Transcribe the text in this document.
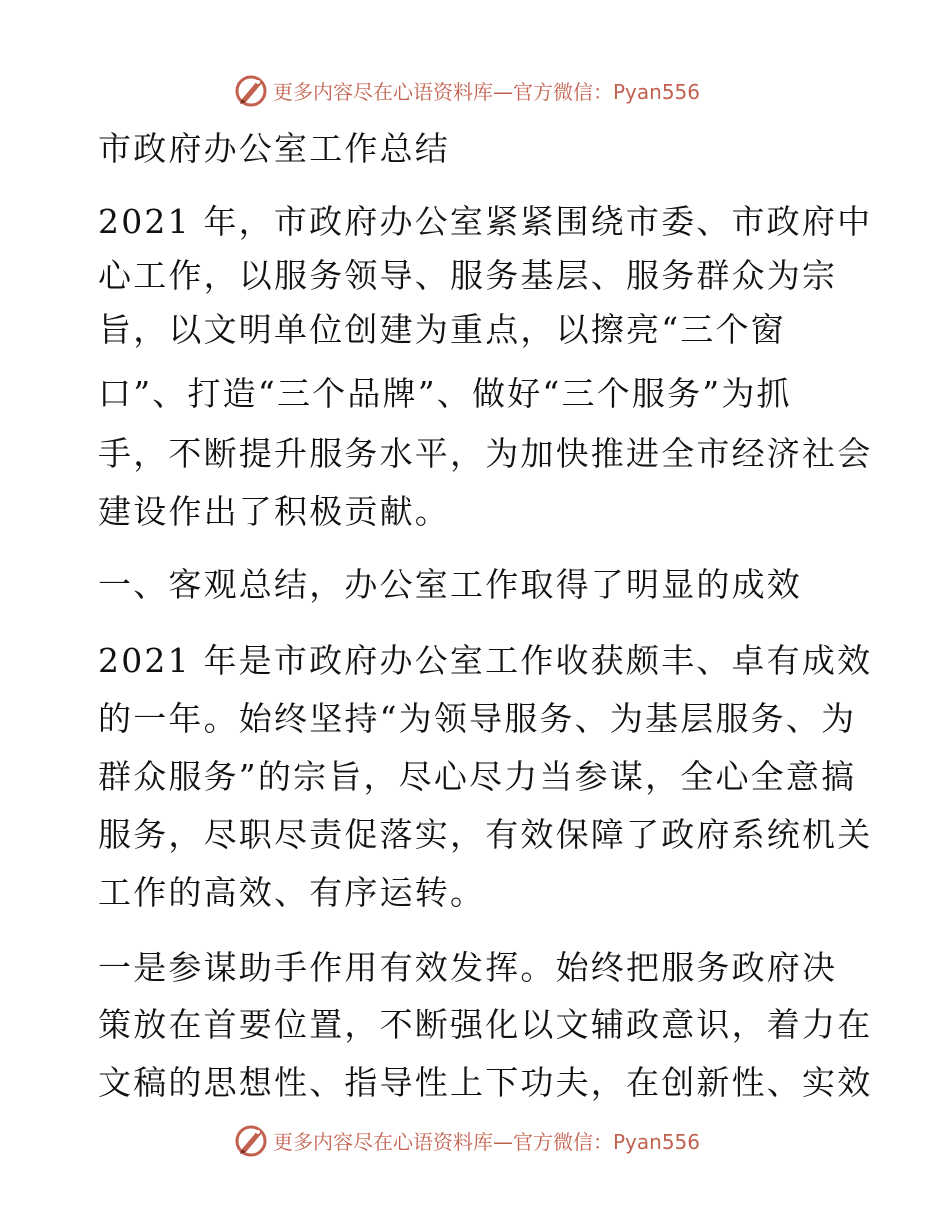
更多内容尽在心语资料库—官方微信：Pyan556
市政府办公室工作总结
2021 年，市政府办公室紧紧围绕市委、市政府中
心工作，以服务领导、服务基层、服务群众为宗
旨，以文明单位创建为重点，以擦亮“三个窗
口”、打造“三个品牌”、做好“三个服务”为抓
手，不断提升服务水平，为加快推进全市经济社会
建设作出了积极贡献。
一、客观总结，办公室工作取得了明显的成效
2021 年是市政府办公室工作收获颇丰、卓有成效
的一年。始终坚持“为领导服务、为基层服务、为
群众服务”的宗旨，尽心尽力当参谋，全心全意搞
服务，尽职尽责促落实，有效保障了政府系统机关
工作的高效、有序运转。
一是参谋助手作用有效发挥。始终把服务政府决
策放在首要位置，不断强化以文辅政意识，着力在
文稿的思想性、指导性上下功夫，在创新性、实效
更多内容尽在心语资料库—官方微信：Pyan556
